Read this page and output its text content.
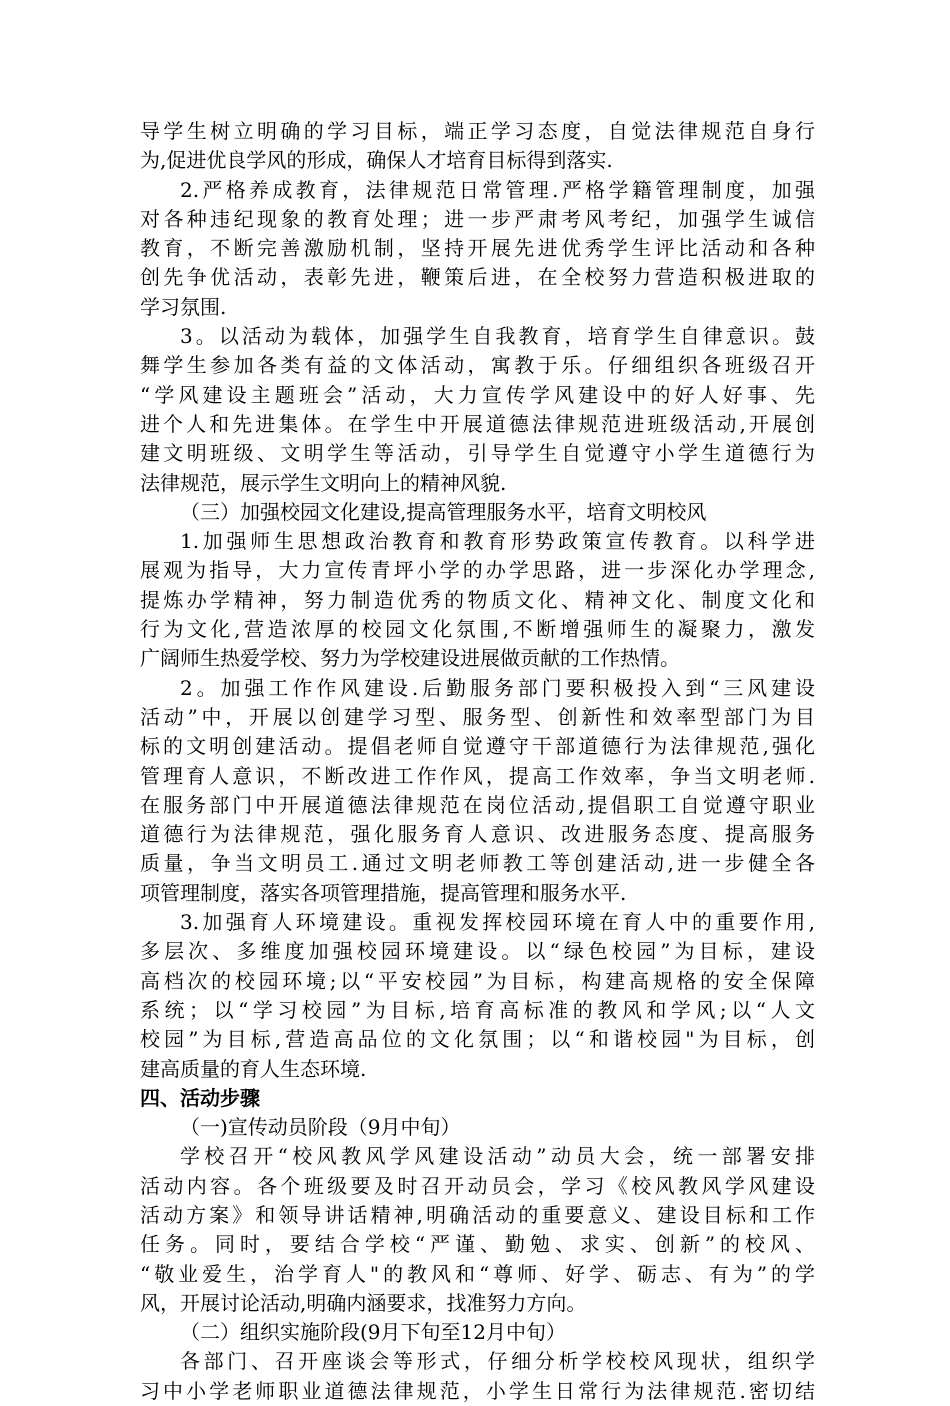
导学生树立明确的学习目标，端正学习态度，自觉法律规范自身行
为,促进优良学风的形成，确保人才培育目标得到落实.
2.严格养成教育，法律规范日常管理.严格学籍管理制度，加强
对各种违纪现象的教育处理；进一步严肃考风考纪，加强学生诚信
教育，不断完善激励机制，坚持开展先进优秀学生评比活动和各种
创先争优活动，表彰先进，鞭策后进，在全校努力营造积极进取的
学习氛围.
3。以活动为载体，加强学生自我教育，培育学生自律意识。鼓
舞学生参加各类有益的文体活动，寓教于乐。仔细组织各班级召开
“学风建设主题班会”活动，大力宣传学风建设中的好人好事、先
进个人和先进集体。在学生中开展道德法律规范进班级活动,开展创
建文明班级、文明学生等活动，引导学生自觉遵守小学生道德行为
法律规范，展示学生文明向上的精神风貌.
（三）加强校园文化建设,提高管理服务水平，培育文明校风
1.加强师生思想政治教育和教育形势政策宣传教育。以科学进
展观为指导，大力宣传青坪小学的办学思路，进一步深化办学理念,
提炼办学精神，努力制造优秀的物质文化、精神文化、制度文化和
行为文化,营造浓厚的校园文化氛围,不断增强师生的凝聚力，激发
广阔师生热爱学校、努力为学校建设进展做贡献的工作热情。
2。加强工作作风建设.后勤服务部门要积极投入到“三风建设
活动”中，开展以创建学习型、服务型、创新性和效率型部门为目
标的文明创建活动。提倡老师自觉遵守干部道德行为法律规范,强化
管理育人意识，不断改进工作作风，提高工作效率，争当文明老师.
在服务部门中开展道德法律规范在岗位活动,提倡职工自觉遵守职业
道德行为法律规范，强化服务育人意识、改进服务态度、提高服务
质量，争当文明员工.通过文明老师教工等创建活动,进一步健全各
项管理制度，落实各项管理措施，提高管理和服务水平.
3.加强育人环境建设。重视发挥校园环境在育人中的重要作用,
多层次、多维度加强校园环境建设。以“绿色校园”为目标，建设
高档次的校园环境;以“平安校园”为目标，构建高规格的安全保障
系统；以“学习校园”为目标,培育高标准的教风和学风;以“人文
校园”为目标,营造高品位的文化氛围；以“和谐校园"为目标，创
建高质量的育人生态环境.
四、活动步骤
（一)宣传动员阶段（9月中旬）
学校召开“校风教风学风建设活动”动员大会，统一部署安排
活动内容。各个班级要及时召开动员会，学习《校风教风学风建设
活动方案》和领导讲话精神,明确活动的重要意义、建设目标和工作
任务。同时，要结合学校“严谨、勤勉、求实、创新”的校风、
“敬业爱生，治学育人"的教风和“尊师、好学、砺志、有为”的学
风，开展讨论活动,明确内涵要求，找准努力方向。
（二）组织实施阶段(9月下旬至12月中旬）
各部门、召开座谈会等形式，仔细分析学校校风现状，组织学
习中小学老师职业道德法律规范，小学生日常行为法律规范.密切结
